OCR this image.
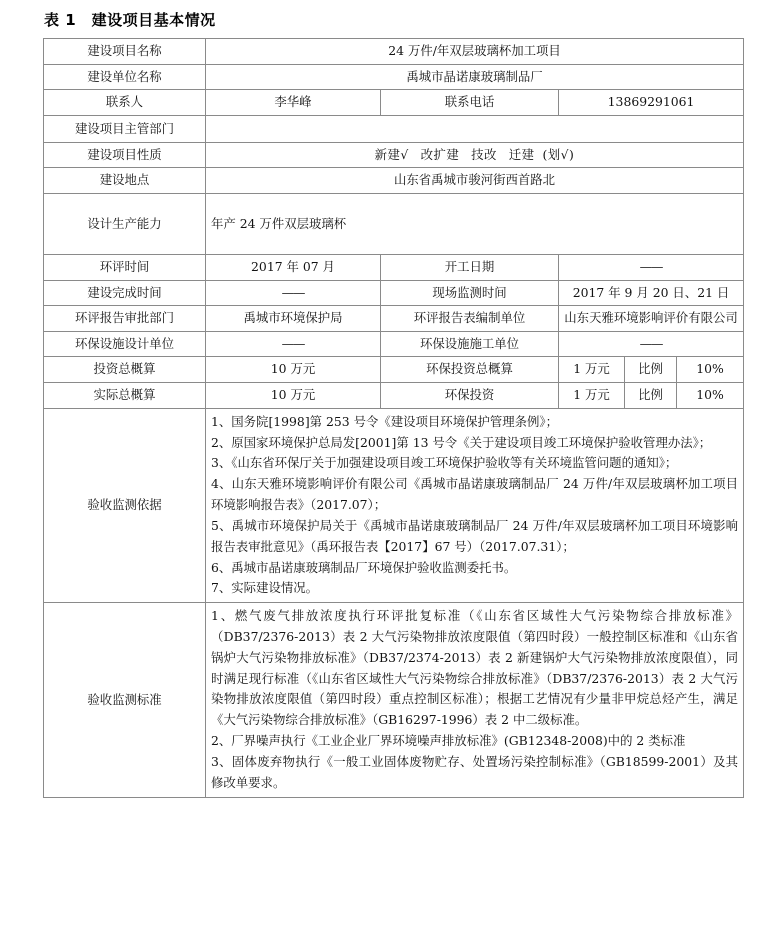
表 1　建设项目基本情况
建设项目名称	24 万件/年双层玻璃杯加工项目				
建设单位名称	禹城市晶诺康玻璃制品厂				
联系人	李华峰	联系电话	13869291061		
建设项目主管部门					
建设项目性质	新建√ 改扩建 技改 迁建 (划√)				
建设地点	山东省禹城市骏河街西首路北				
设计生产能力	年产 24 万件双层玻璃杯				
环评时间	2017 年 07 月	开工日期	——		
建设完成时间	——	现场监测时间	2017 年 9 月 20 日、21 日		
环评报告审批部门	禹城市环境保护局	环评报告表编制单位	山东天雅环境影响评价有限公司		
环保设施设计单位	——	环保设施施工单位	——		
投资总概算	10 万元	环保投资总概算	1 万元	比例	10%
实际总概算	10 万元	环保投资	1 万元	比例	10%
验收监测依据	

1、国务院[1998]第 253 号令《建设项目环境保护管理条例》；

2、原国家环境保护总局发[2001]第 13 号令《关于建设项目竣工环境保护验收管理办法》；

3、《山东省环保厅关于加强建设项目竣工环境保护验收等有关环境监管问题的通知》；

4、山东天雅环境影响评价有限公司《禹城市晶诺康玻璃制品厂 24 万件/年双层玻璃杯加工项目环境影响报告表》（2017.07）；

5、禹城市环境保护局关于《禹城市晶诺康玻璃制品厂 24 万件/年双层玻璃杯加工项目环境影响报告表审批意见》（禹环报告表【2017】67 号）（2017.07.31）；

6、禹城市晶诺康玻璃制品厂环境保护验收监测委托书。

7、实际建设情况。

验收监测标准	1、燃气废气排放浓度执行环评批复标准（《山东省区域性大气污染物综合排放标准》（DB37/2376-2013）表 2 大气污染物排放浓度限值（第四时段）一般控制区标准和《山东省锅炉大气污染物排放标准》（DB37/2374-2013）表 2 新建锅炉大气污染物排放浓度限值），同时满足现行标准（《山东省区域性大气污染物综合排放标准》（DB37/2376-2013）表 2 大气污染物排放浓度限值（第四时段）重点控制区标准）；根据工艺情况有少量非甲烷总烃产生，满足《大气污染物综合排放标准》（GB16297-1996）表 2 中二级标准。

2、厂界噪声执行《工业企业厂界环境噪声排放标准》(GB12348-2008)中的 2 类标准

3、固体废弃物执行《一般工业固体废物贮存、处置场污染控制标准》（GB18599-2001）及其修改单要求。				
